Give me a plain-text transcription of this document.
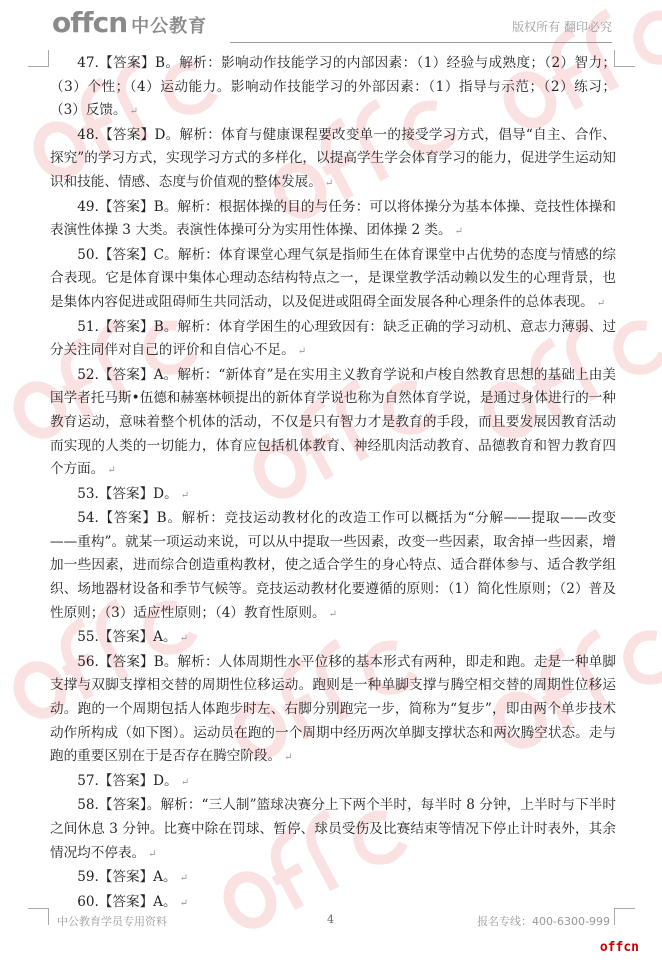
offcn 中公教育	版权所有 翻印必究

47.【答案】B。解析：影响动作技能学习的内部因素：（1）经验与成熟度；（2）智力；（3）个性；（4）运动能力。影响动作技能学习的外部因素：（1）指导与示范；（2）练习；（3）反馈。 ↵

48.【答案】D。解析：体育与健康课程要改变单一的接受学习方式，倡导“自主、合作、探究”的学习方式，实现学习方式的多样化，以提高学生学会体育学习的能力，促进学生运动知识和技能、情感、态度与价值观的整体发展。 ↵

49.【答案】B。解析：根据体操的目的与任务：可以将体操分为基本体操、竞技性体操和表演性体操 3 大类。表演性体操可分为实用性体操、团体操 2 类。 ↵

50.【答案】C。解析：体育课堂心理气氛是指师生在体育课堂中占优势的态度与情感的综合表现。它是体育课中集体心理动态结构特点之一，是课堂教学活动赖以发生的心理背景，也是集体内容促进或阻碍师生共同活动，以及促进或阻碍全面发展各种心理条件的总体表现。 ↵

51.【答案】B。解析：体育学困生的心理致因有：缺乏正确的学习动机、意志力薄弱、过分关注同伴对自己的评价和自信心不足。 ↵

52.【答案】A。解析：“新体育”是在实用主义教育学说和卢梭自然教育思想的基础上由美国学者托马斯•伍德和赫塞林顿提出的新体育学说也称为自然体育学说，是通过身体进行的一种教育运动，意味着整个机体的活动，不仅是只有智力才是教育的手段，而且要发展因教育活动而实现的人类的一切能力，体育应包括机体教育、神经肌肉活动教育、品德教育和智力教育四个方面。 ↵

53.【答案】D。 ↵

54.【答案】B。解析：竞技运动教材化的改造工作可以概括为“分解——提取——改变——重构”。就某一项运动来说，可以从中提取一些因素，改变一些因素，取舍掉一些因素，增加一些因素，进而综合创造重构教材，使之适合学生的身心特点、适合群体参与、适合教学组织、场地器材设备和季节气候等。竞技运动教材化要遵循的原则：（1）简化性原则；（2）普及性原则；（3）适应性原则；（4）教育性原则。 ↵

55.【答案】A。 ↵

56.【答案】B。解析：人体周期性水平位移的基本形式有两种，即走和跑。走是一种单脚支撑与双脚支撑相交替的周期性位移运动。跑则是一种单脚支撑与腾空相交替的周期性位移运动。跑的一个周期包括人体跑步时左、右脚分别跑完一步，简称为“复步”，即由两个单步技术动作所构成（如下图）。运动员在跑的一个周期中经历两次单脚支撑状态和两次腾空状态。走与跑的重要区别在于是否存在腾空阶段。 ↵

57.【答案】D。 ↵

58.【答案】。解析：“三人制”篮球决赛分上下两个半时，每半时 8 分钟，上半时与下半时之间休息 3 分钟。比赛中除在罚球、暂停、球员受伤及比赛结束等情况下停止计时表外，其余情况均不停表。 ↵

59.【答案】A。 ↵

60.【答案】A。 ↵

中公教育学员专用资料	4	报名专线：400-6300-999
offcn
